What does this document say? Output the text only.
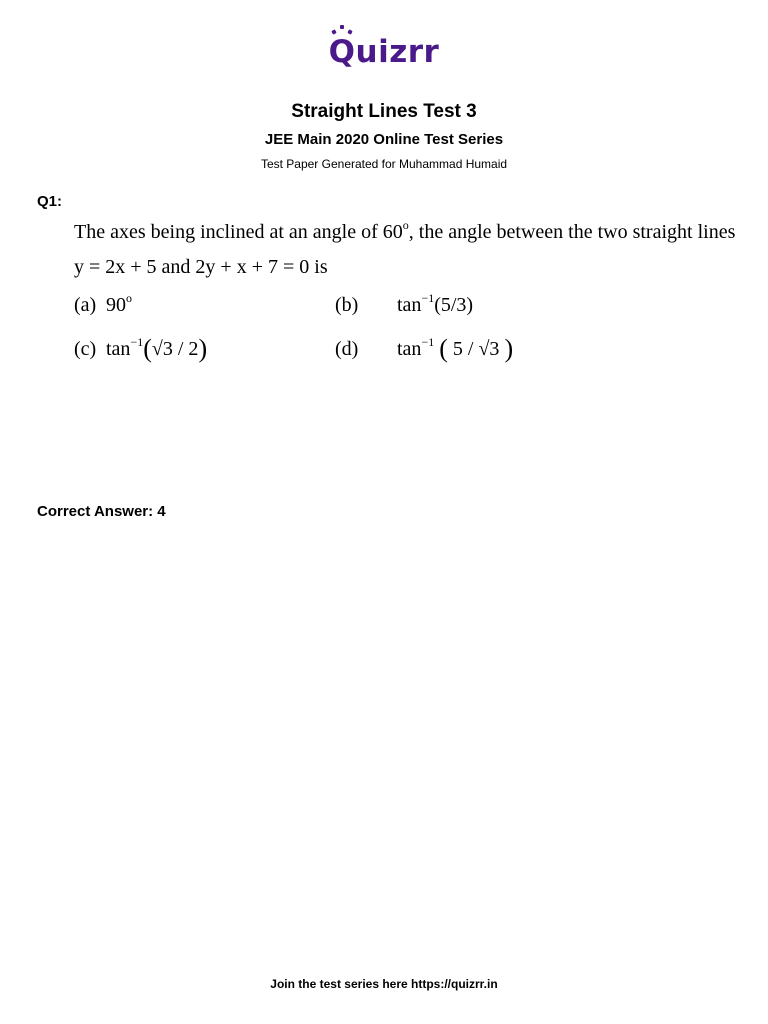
Quizrr
Straight Lines Test 3
JEE Main 2020 Online Test Series
Test Paper Generated for Muhammad Humaid
Q1:
The axes being inclined at an angle of 60$^o$, the angle between the two straight lines
y = 2x + 5 and 2y + x + 7 = 0 is
(a) 90$^o$	(b) $\tan^{-1}(5/3)$
(c) $\tan^{-1}(√3 / 2)$	(d) $\tan^{-1}$ ( 5 / √3 )
Correct Answer: 4
Join the test series here https://quizrr.in
